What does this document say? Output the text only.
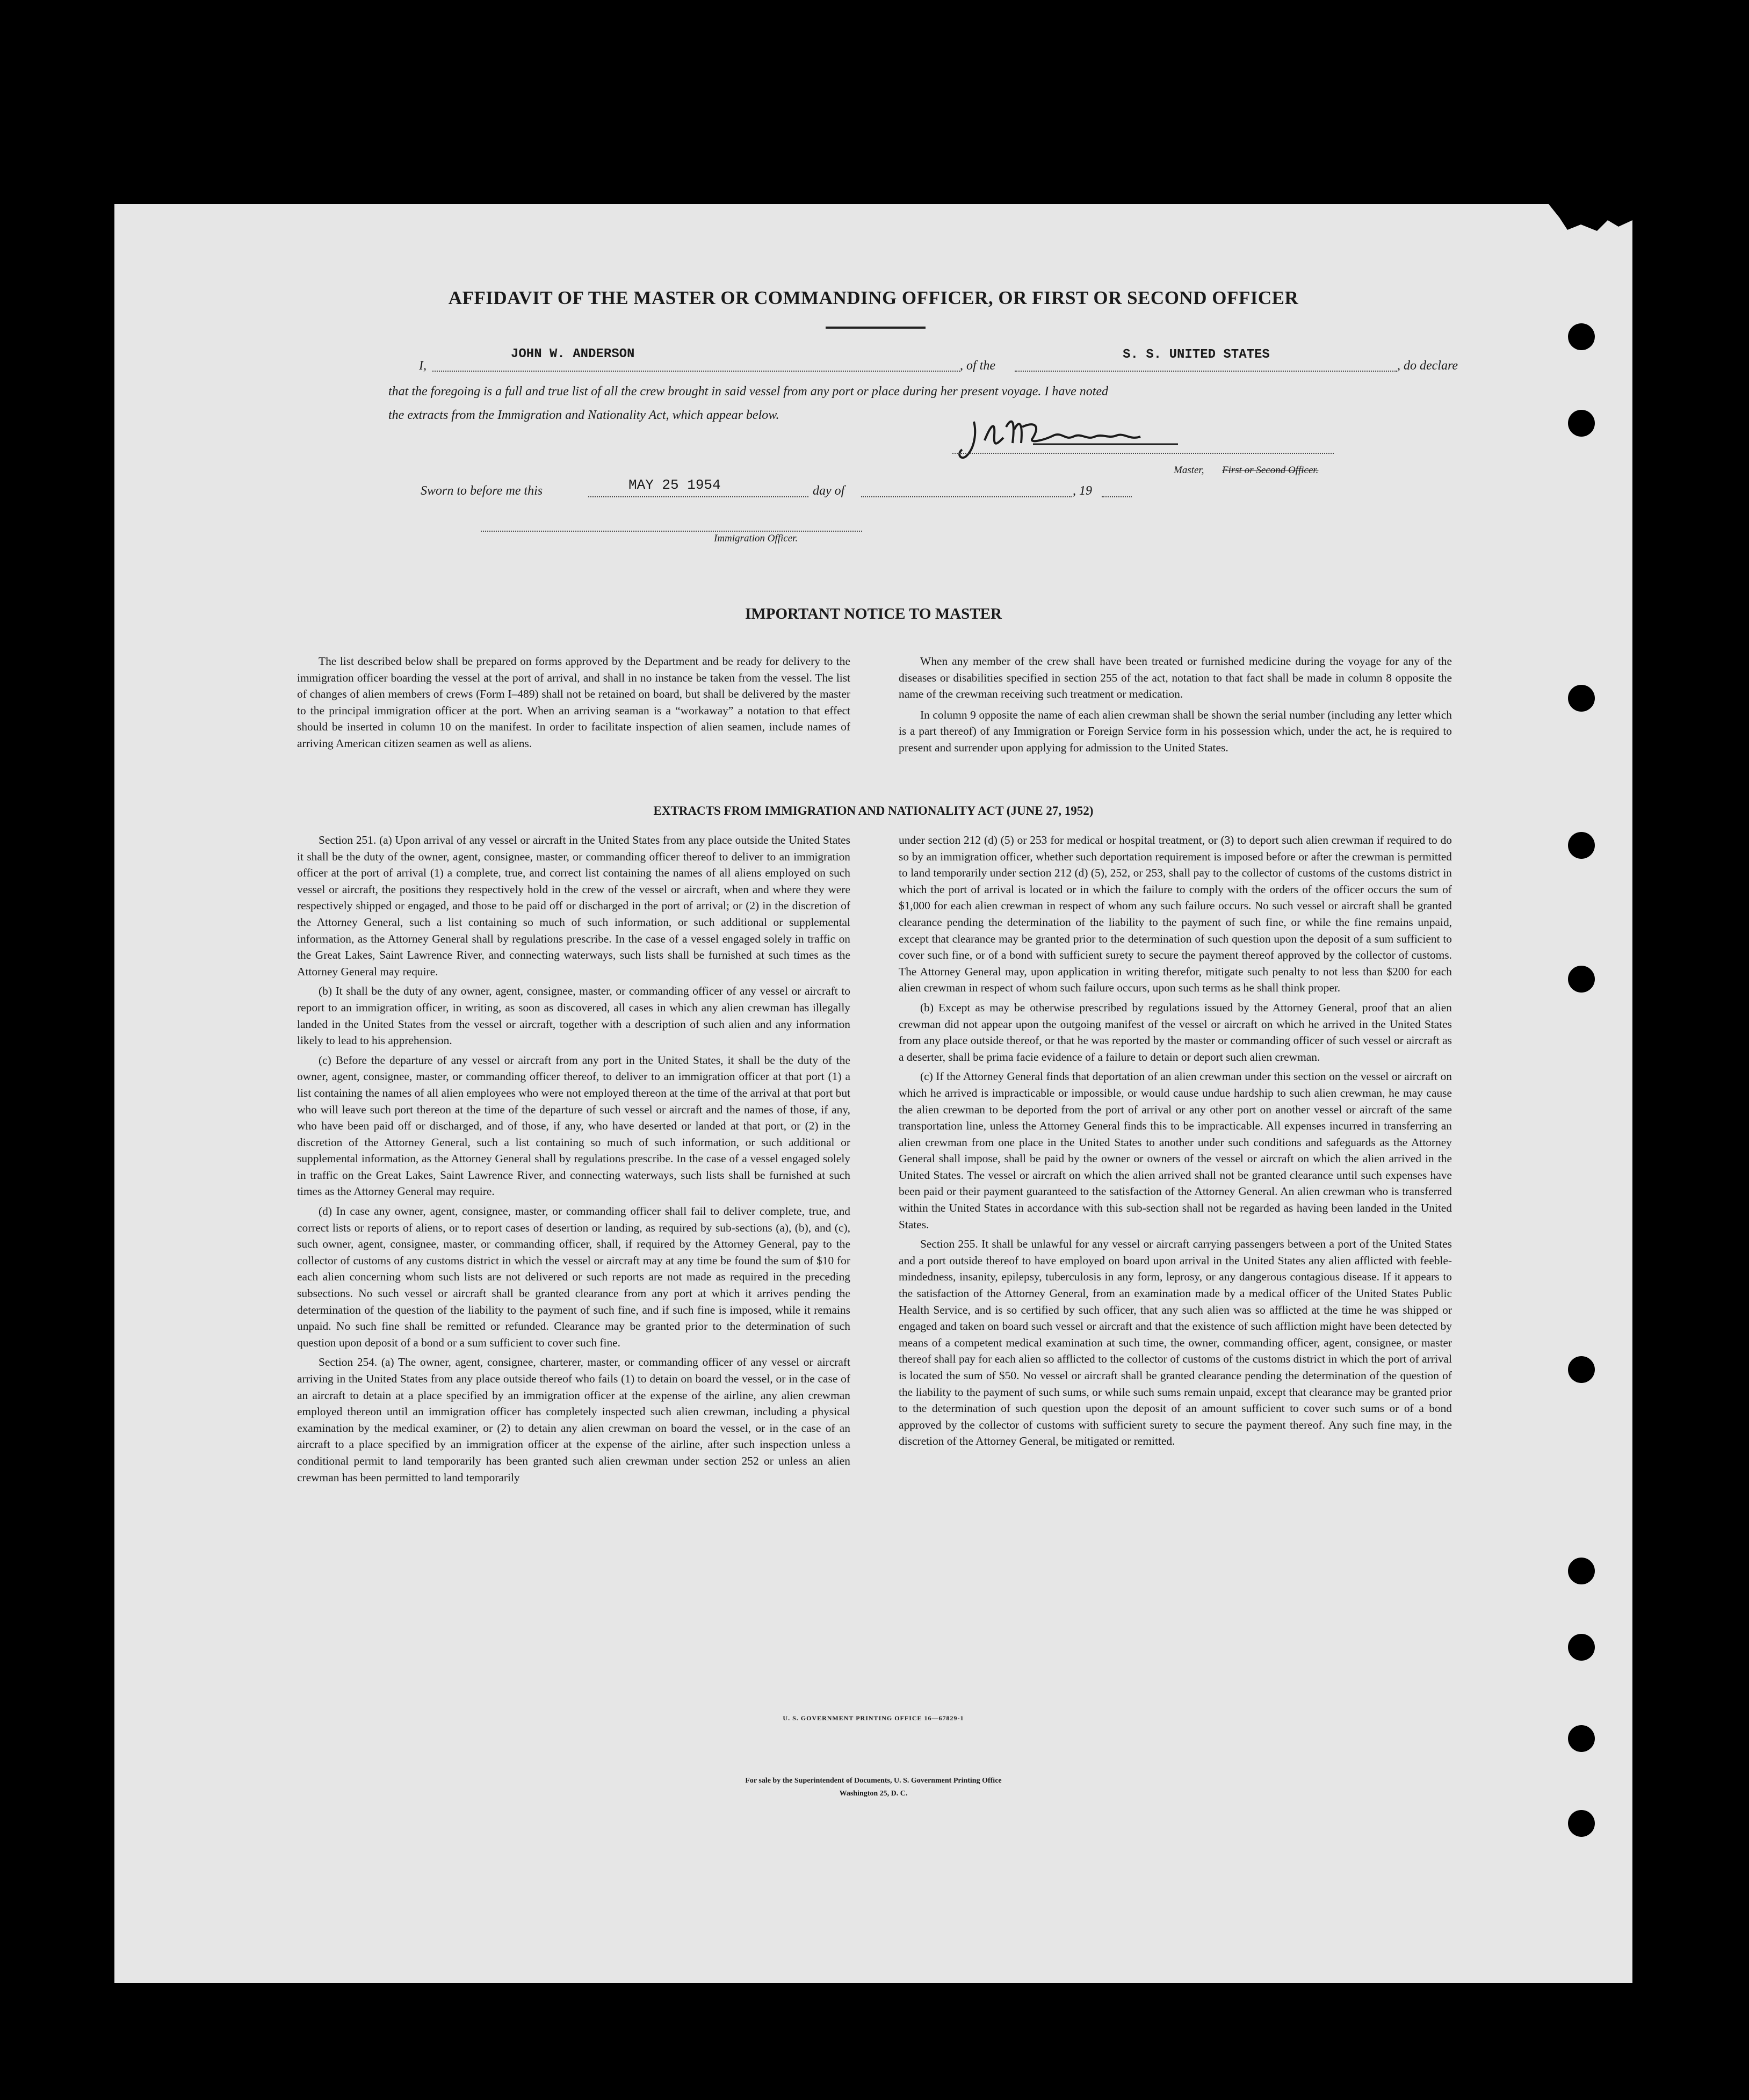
AFFIDAVIT OF THE MASTER OR COMMANDING OFFICER, OR FIRST OR SECOND OFFICER
I,
JOHN W. ANDERSON
, of the
S. S. UNITED STATES
, do declare
that the foregoing is a full and true list of all the crew brought in said vessel from any port or place during her present voyage. I have noted
the extracts from the Immigration and Nationality Act, which appear below.
Master, First or Second Officer.
Sworn to before me this	MAY 25 1954	day of	, 19
Immigration Officer.
IMPORTANT NOTICE TO MASTER

The list described below shall be prepared on forms approved by the Department and be ready for delivery to the immigration officer boarding the vessel at the port of arrival, and shall in no instance be taken from the vessel. The list of changes of alien members of crews (Form I–489) shall not be retained on board, but shall be delivered by the master to the principal immigration officer at the port. When an arriving seaman is a “workaway” a notation to that effect should be inserted in column 10 on the manifest. In order to facilitate inspection of alien seamen, include names of arriving American citizen seamen as well as aliens.

When any member of the crew shall have been treated or furnished medicine during the voyage for any of the diseases or disabilities specified in section 255 of the act, notation to that fact shall be made in column 8 opposite the name of the crewman receiving such treatment or medication.

In column 9 opposite the name of each alien crewman shall be shown the serial number (including any letter which is a part thereof) of any Immigration or Foreign Service form in his possession which, under the act, he is required to present and surrender upon applying for admission to the United States.

EXTRACTS FROM IMMIGRATION AND NATIONALITY ACT (JUNE 27, 1952)

Section 251. (a) Upon arrival of any vessel or aircraft in the United States from any place outside the United States it shall be the duty of the owner, agent, consignee, master, or commanding officer thereof to deliver to an immigration officer at the port of arrival (1) a complete, true, and correct list containing the names of all aliens employed on such vessel or aircraft, the positions they respectively hold in the crew of the vessel or aircraft, when and where they were respectively shipped or engaged, and those to be paid off or discharged in the port of arrival; or (2) in the discretion of the Attorney General, such a list containing so much of such information, or such additional or supplemental information, as the Attorney General shall by regulations prescribe. In the case of a vessel engaged solely in traffic on the Great Lakes, Saint Lawrence River, and connecting waterways, such lists shall be furnished at such times as the Attorney General may require.

(b) It shall be the duty of any owner, agent, consignee, master, or commanding officer of any vessel or aircraft to report to an immigration officer, in writing, as soon as discovered, all cases in which any alien crewman has illegally landed in the United States from the vessel or aircraft, together with a description of such alien and any information likely to lead to his apprehension.

(c) Before the departure of any vessel or aircraft from any port in the United States, it shall be the duty of the owner, agent, consignee, master, or commanding officer thereof, to deliver to an immigration officer at that port (1) a list containing the names of all alien employees who were not employed thereon at the time of the arrival at that port but who will leave such port thereon at the time of the departure of such vessel or aircraft and the names of those, if any, who have been paid off or discharged, and of those, if any, who have deserted or landed at that port, or (2) in the discretion of the Attorney General, such a list containing so much of such information, or such additional or supplemental information, as the Attorney General shall by regulations prescribe. In the case of a vessel engaged solely in traffic on the Great Lakes, Saint Lawrence River, and connecting waterways, such lists shall be furnished at such times as the Attorney General may require.

(d) In case any owner, agent, consignee, master, or commanding officer shall fail to deliver complete, true, and correct lists or reports of aliens, or to report cases of desertion or landing, as required by sub-sections (a), (b), and (c), such owner, agent, consignee, master, or commanding officer, shall, if required by the Attorney General, pay to the collector of customs of any customs district in which the vessel or aircraft may at any time be found the sum of $10 for each alien concerning whom such lists are not delivered or such reports are not made as required in the preceding subsections. No such vessel or aircraft shall be granted clearance from any port at which it arrives pending the determination of the question of the liability to the payment of such fine, and if such fine is imposed, while it remains unpaid. No such fine shall be remitted or refunded. Clearance may be granted prior to the determination of such question upon deposit of a bond or a sum sufficient to cover such fine.

Section 254. (a) The owner, agent, consignee, charterer, master, or commanding officer of any vessel or aircraft arriving in the United States from any place outside thereof who fails (1) to detain on board the vessel, or in the case of an aircraft to detain at a place specified by an immigration officer at the expense of the airline, any alien crewman employed thereon until an immigration officer has completely inspected such alien crewman, including a physical examination by the medical examiner, or (2) to detain any alien crewman on board the vessel, or in the case of an aircraft to a place specified by an immigration officer at the expense of the airline, after such inspection unless a conditional permit to land temporarily has been granted such alien crewman under section 252 or unless an alien crewman has been permitted to land temporarily

under section 212 (d) (5) or 253 for medical or hospital treatment, or (3) to deport such alien crewman if required to do so by an immigration officer, whether such deportation requirement is imposed before or after the crewman is permitted to land temporarily under section 212 (d) (5), 252, or 253, shall pay to the collector of customs of the customs district in which the port of arrival is located or in which the failure to comply with the orders of the officer occurs the sum of $1,000 for each alien crewman in respect of whom any such failure occurs. No such vessel or aircraft shall be granted clearance pending the determination of the liability to the payment of such fine, or while the fine remains unpaid, except that clearance may be granted prior to the determination of such question upon the deposit of a sum sufficient to cover such fine, or of a bond with sufficient surety to secure the payment thereof approved by the collector of customs. The Attorney General may, upon application in writing therefor, mitigate such penalty to not less than $200 for each alien crewman in respect of whom such failure occurs, upon such terms as he shall think proper.

(b) Except as may be otherwise prescribed by regulations issued by the Attorney General, proof that an alien crewman did not appear upon the outgoing manifest of the vessel or aircraft on which he arrived in the United States from any place outside thereof, or that he was reported by the master or commanding officer of such vessel or aircraft as a deserter, shall be prima facie evidence of a failure to detain or deport such alien crewman.

(c) If the Attorney General finds that deportation of an alien crewman under this section on the vessel or aircraft on which he arrived is impracticable or impossible, or would cause undue hardship to such alien crewman, he may cause the alien crewman to be deported from the port of arrival or any other port on another vessel or aircraft of the same transportation line, unless the Attorney General finds this to be impracticable. All expenses incurred in transferring an alien crewman from one place in the United States to another under such conditions and safeguards as the Attorney General shall impose, shall be paid by the owner or owners of the vessel or aircraft on which the alien arrived in the United States. The vessel or aircraft on which the alien arrived shall not be granted clearance until such expenses have been paid or their payment guaranteed to the satisfaction of the Attorney General. An alien crewman who is transferred within the United States in accordance with this sub-section shall not be regarded as having been landed in the United States.

Section 255. It shall be unlawful for any vessel or aircraft carrying passengers between a port of the United States and a port outside thereof to have employed on board upon arrival in the United States any alien afflicted with feeble-mindedness, insanity, epilepsy, tuberculosis in any form, leprosy, or any dangerous contagious disease. If it appears to the satisfaction of the Attorney General, from an examination made by a medical officer of the United States Public Health Service, and is so certified by such officer, that any such alien was so afflicted at the time he was shipped or engaged and taken on board such vessel or aircraft and that the existence of such affliction might have been detected by means of a competent medical examination at such time, the owner, commanding officer, agent, consignee, or master thereof shall pay for each alien so afflicted to the collector of customs of the customs district in which the port of arrival is located the sum of $50. No vessel or aircraft shall be granted clearance pending the determination of the question of the liability to the payment of such sums, or while such sums remain unpaid, except that clearance may be granted prior to the determination of such question upon the deposit of an amount sufficient to cover such sums or of a bond approved by the collector of customs with sufficient surety to secure the payment thereof. Any such fine may, in the discretion of the Attorney General, be mitigated or remitted.

U. S. GOVERNMENT PRINTING OFFICE 16—67829-1
For sale by the Superintendent of Documents, U. S. Government Printing Office
Washington 25, D. C.
